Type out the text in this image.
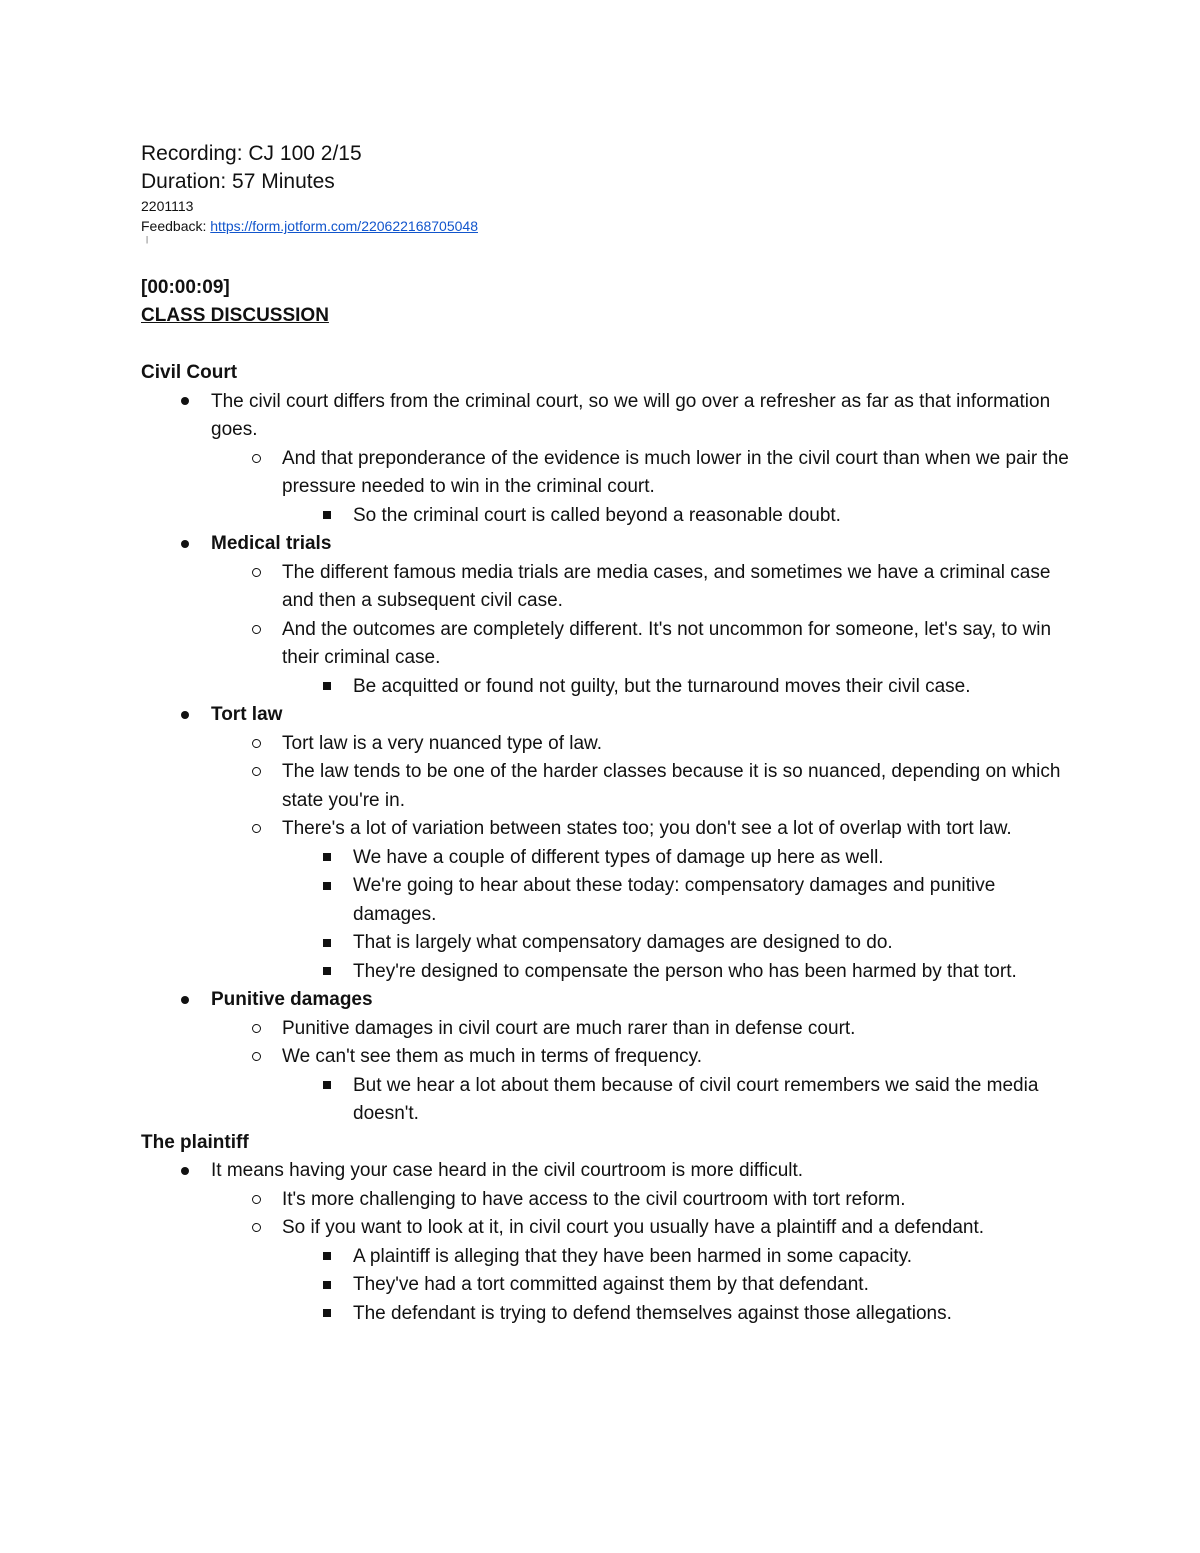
Recording: CJ 100 2/15
Duration: 57 Minutes
2201113
Feedback: https://form.jotform.com/220622168705048
|
[00:00:09]
CLASS DISCUSSION
Civil Court
The civil court differs from the criminal court, so we will go over a refresher as far as that information goes.
And that preponderance of the evidence is much lower in the civil court than when we pair the pressure needed to win in the criminal court.
So the criminal court is called beyond a reasonable doubt.
Medical trials
The different famous media trials are media cases, and sometimes we have a criminal case and then a subsequent civil case.
And the outcomes are completely different. It's not uncommon for someone, let's say, to win their criminal case.
Be acquitted or found not guilty, but the turnaround moves their civil case.
Tort law
Tort law is a very nuanced type of law.
The law tends to be one of the harder classes because it is so nuanced, depending on which state you're in.
There's a lot of variation between states too; you don't see a lot of overlap with tort law.
We have a couple of different types of damage up here as well.
We're going to hear about these today: compensatory damages and punitive damages.
That is largely what compensatory damages are designed to do.
They're designed to compensate the person who has been harmed by that tort.
Punitive damages
Punitive damages in civil court are much rarer than in defense court.
We can't see them as much in terms of frequency.
But we hear a lot about them because of civil court remembers we said the media doesn't.
The plaintiff
It means having your case heard in the civil courtroom is more difficult.
It's more challenging to have access to the civil courtroom with tort reform.
So if you want to look at it, in civil court you usually have a plaintiff and a defendant.
A plaintiff is alleging that they have been harmed in some capacity.
They've had a tort committed against them by that defendant.
The defendant is trying to defend themselves against those allegations.
